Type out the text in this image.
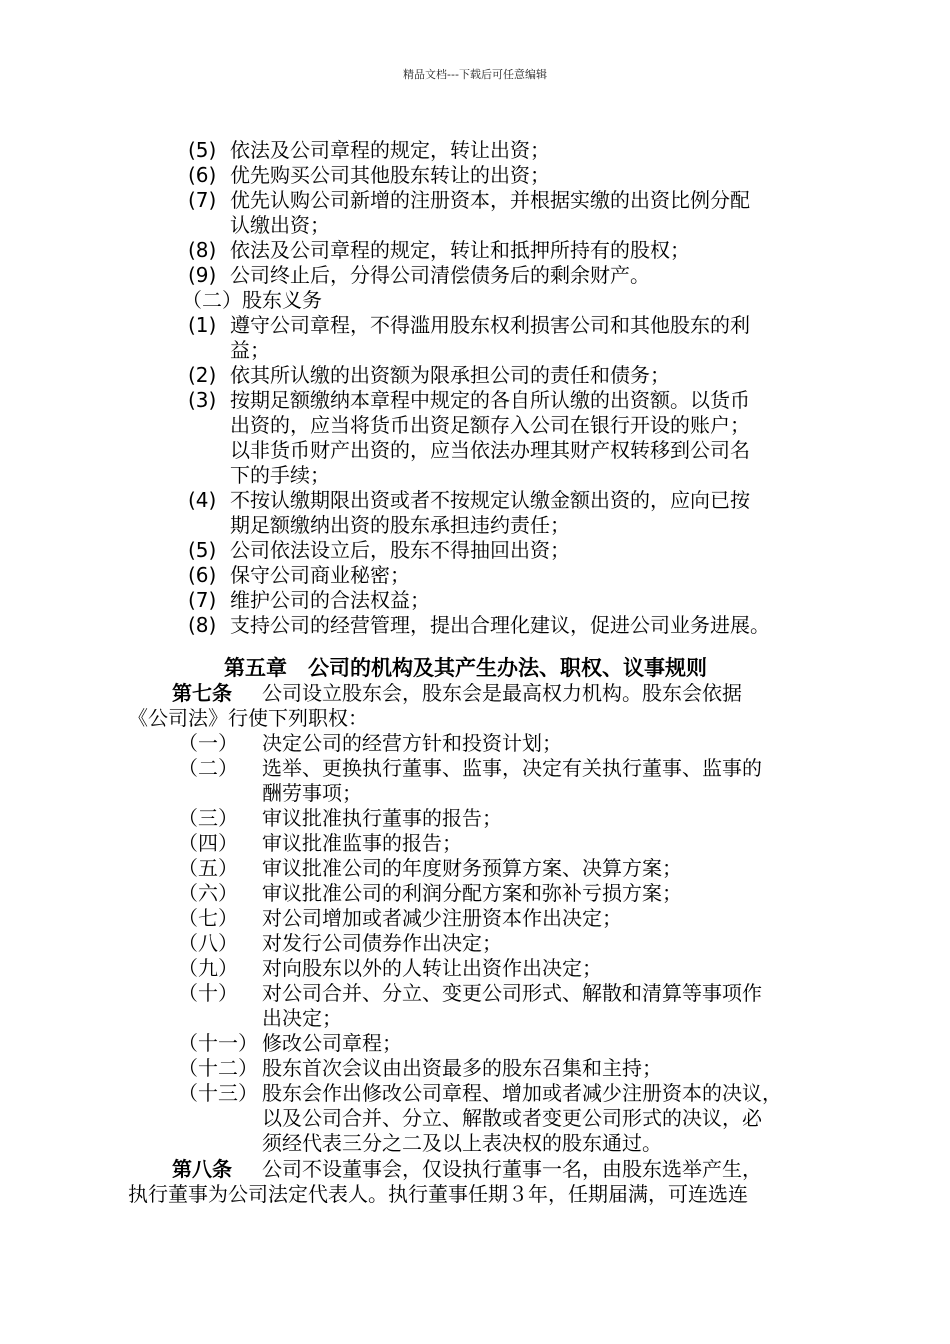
精品文档---下载后可任意编辑
(5) 依法及公司章程的规定，转让出资；
(6) 优先购买公司其他股东转让的出资；
(7) 优先认购公司新增的注册资本，并根据实缴的出资比例分配
认缴出资；
(8) 依法及公司章程的规定，转让和抵押所持有的股权；
(9) 公司终止后，分得公司清偿债务后的剩余财产。
（二）股东义务
(1) 遵守公司章程，不得滥用股东权利损害公司和其他股东的利
益；
(2) 依其所认缴的出资额为限承担公司的责任和债务；
(3) 按期足额缴纳本章程中规定的各自所认缴的出资额。以货币
出资的，应当将货币出资足额存入公司在银行开设的账户；
以非货币财产出资的，应当依法办理其财产权转移到公司名
下的手续；
(4) 不按认缴期限出资或者不按规定认缴金额出资的，应向已按
期足额缴纳出资的股东承担违约责任；
(5) 公司依法设立后，股东不得抽回出资；
(6) 保守公司商业秘密；
(7) 维护公司的合法权益；
(8) 支持公司的经营管理，提出合理化建议，促进公司业务进展。
第五章　公司的机构及其产生办法、职权、议事规则
第七条 公司设立股东会，股东会是最高权力机构。股东会依据
《公司法》行使下列职权：
（一） 决定公司的经营方针和投资计划；
（二） 选举、更换执行董事、监事，决定有关执行董事、监事的
酬劳事项；
（三） 审议批准执行董事的报告；
（四） 审议批准监事的报告；
（五） 审议批准公司的年度财务预算方案、决算方案；
（六） 审议批准公司的利润分配方案和弥补亏损方案；
（七） 对公司增加或者减少注册资本作出决定；
（八） 对发行公司债券作出决定；
（九） 对向股东以外的人转让出资作出决定；
（十） 对公司合并、分立、变更公司形式、解散和清算等事项作
出决定；
（十一） 修改公司章程；
（十二） 股东首次会议由出资最多的股东召集和主持；
（十三） 股东会作出修改公司章程、增加或者减少注册资本的决议，
以及公司合并、分立、解散或者变更公司形式的决议，必
须经代表三分之二及以上表决权的股东通过。
第八条 公司不设董事会，仅设执行董事一名，由股东选举产生，
执行董事为公司法定代表人。执行董事任期３年，任期届满，可连选连
